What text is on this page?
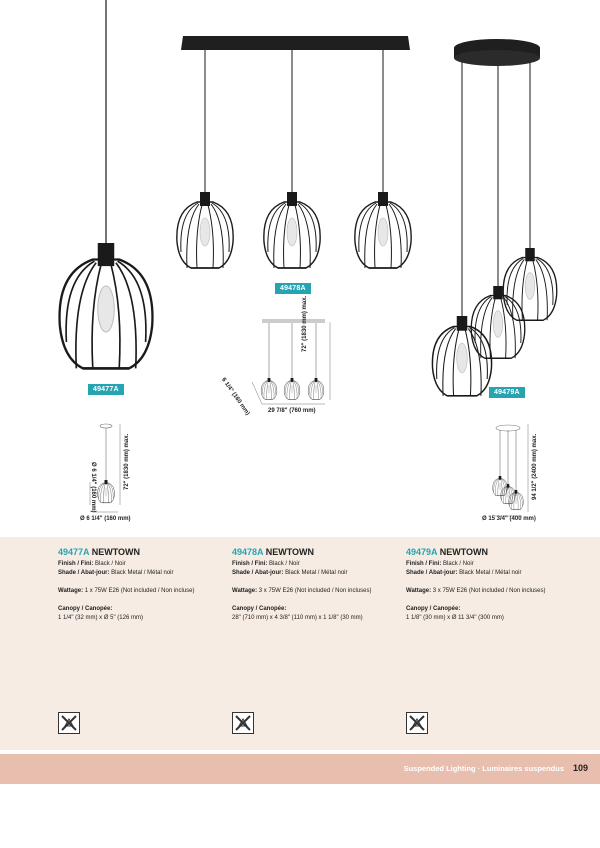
49477A
49478A
49479A
72" (1830 mm) max.
29 7/8" (760 mm)
6 1/4" (160 mm)
72" (1830 mm) max.
Ø 6 1/4" (160 mm)
Ø 6 1/4" (160 mm)
94 1/2" (2400 mm) max.
Ø 15 3/4" (400 mm)
49477A NEWTOWN
Finish / Fini: Black / Noir
Shade / Abat-jour: Black Metal / Métal noir
Wattage: 1 x 75W E26 (Not included / Non incluse)
Canopy / Canopée:
1 1/4" (32 mm) x Ø 5" (126 mm)
49478A NEWTOWN
Finish / Fini: Black / Noir
Shade / Abat-jour: Black Metal / Métal noir
Wattage: 3 x 75W E26 (Not included / Non incluses)
Canopy / Canopée:
28" (710 mm) x 4 3/8" (110 mm) x 1 1/8" (30 mm)
49479A NEWTOWN
Finish / Fini: Black / Noir
Shade / Abat-jour: Black Metal / Métal noir
Wattage: 3 x 75W E26 (Not included / Non incluses)
Canopy / Canopée:
1 1/8" (30 mm) x Ø 11 3/4" (300 mm)
Suspended Lighting · Luminaires suspendus 109
